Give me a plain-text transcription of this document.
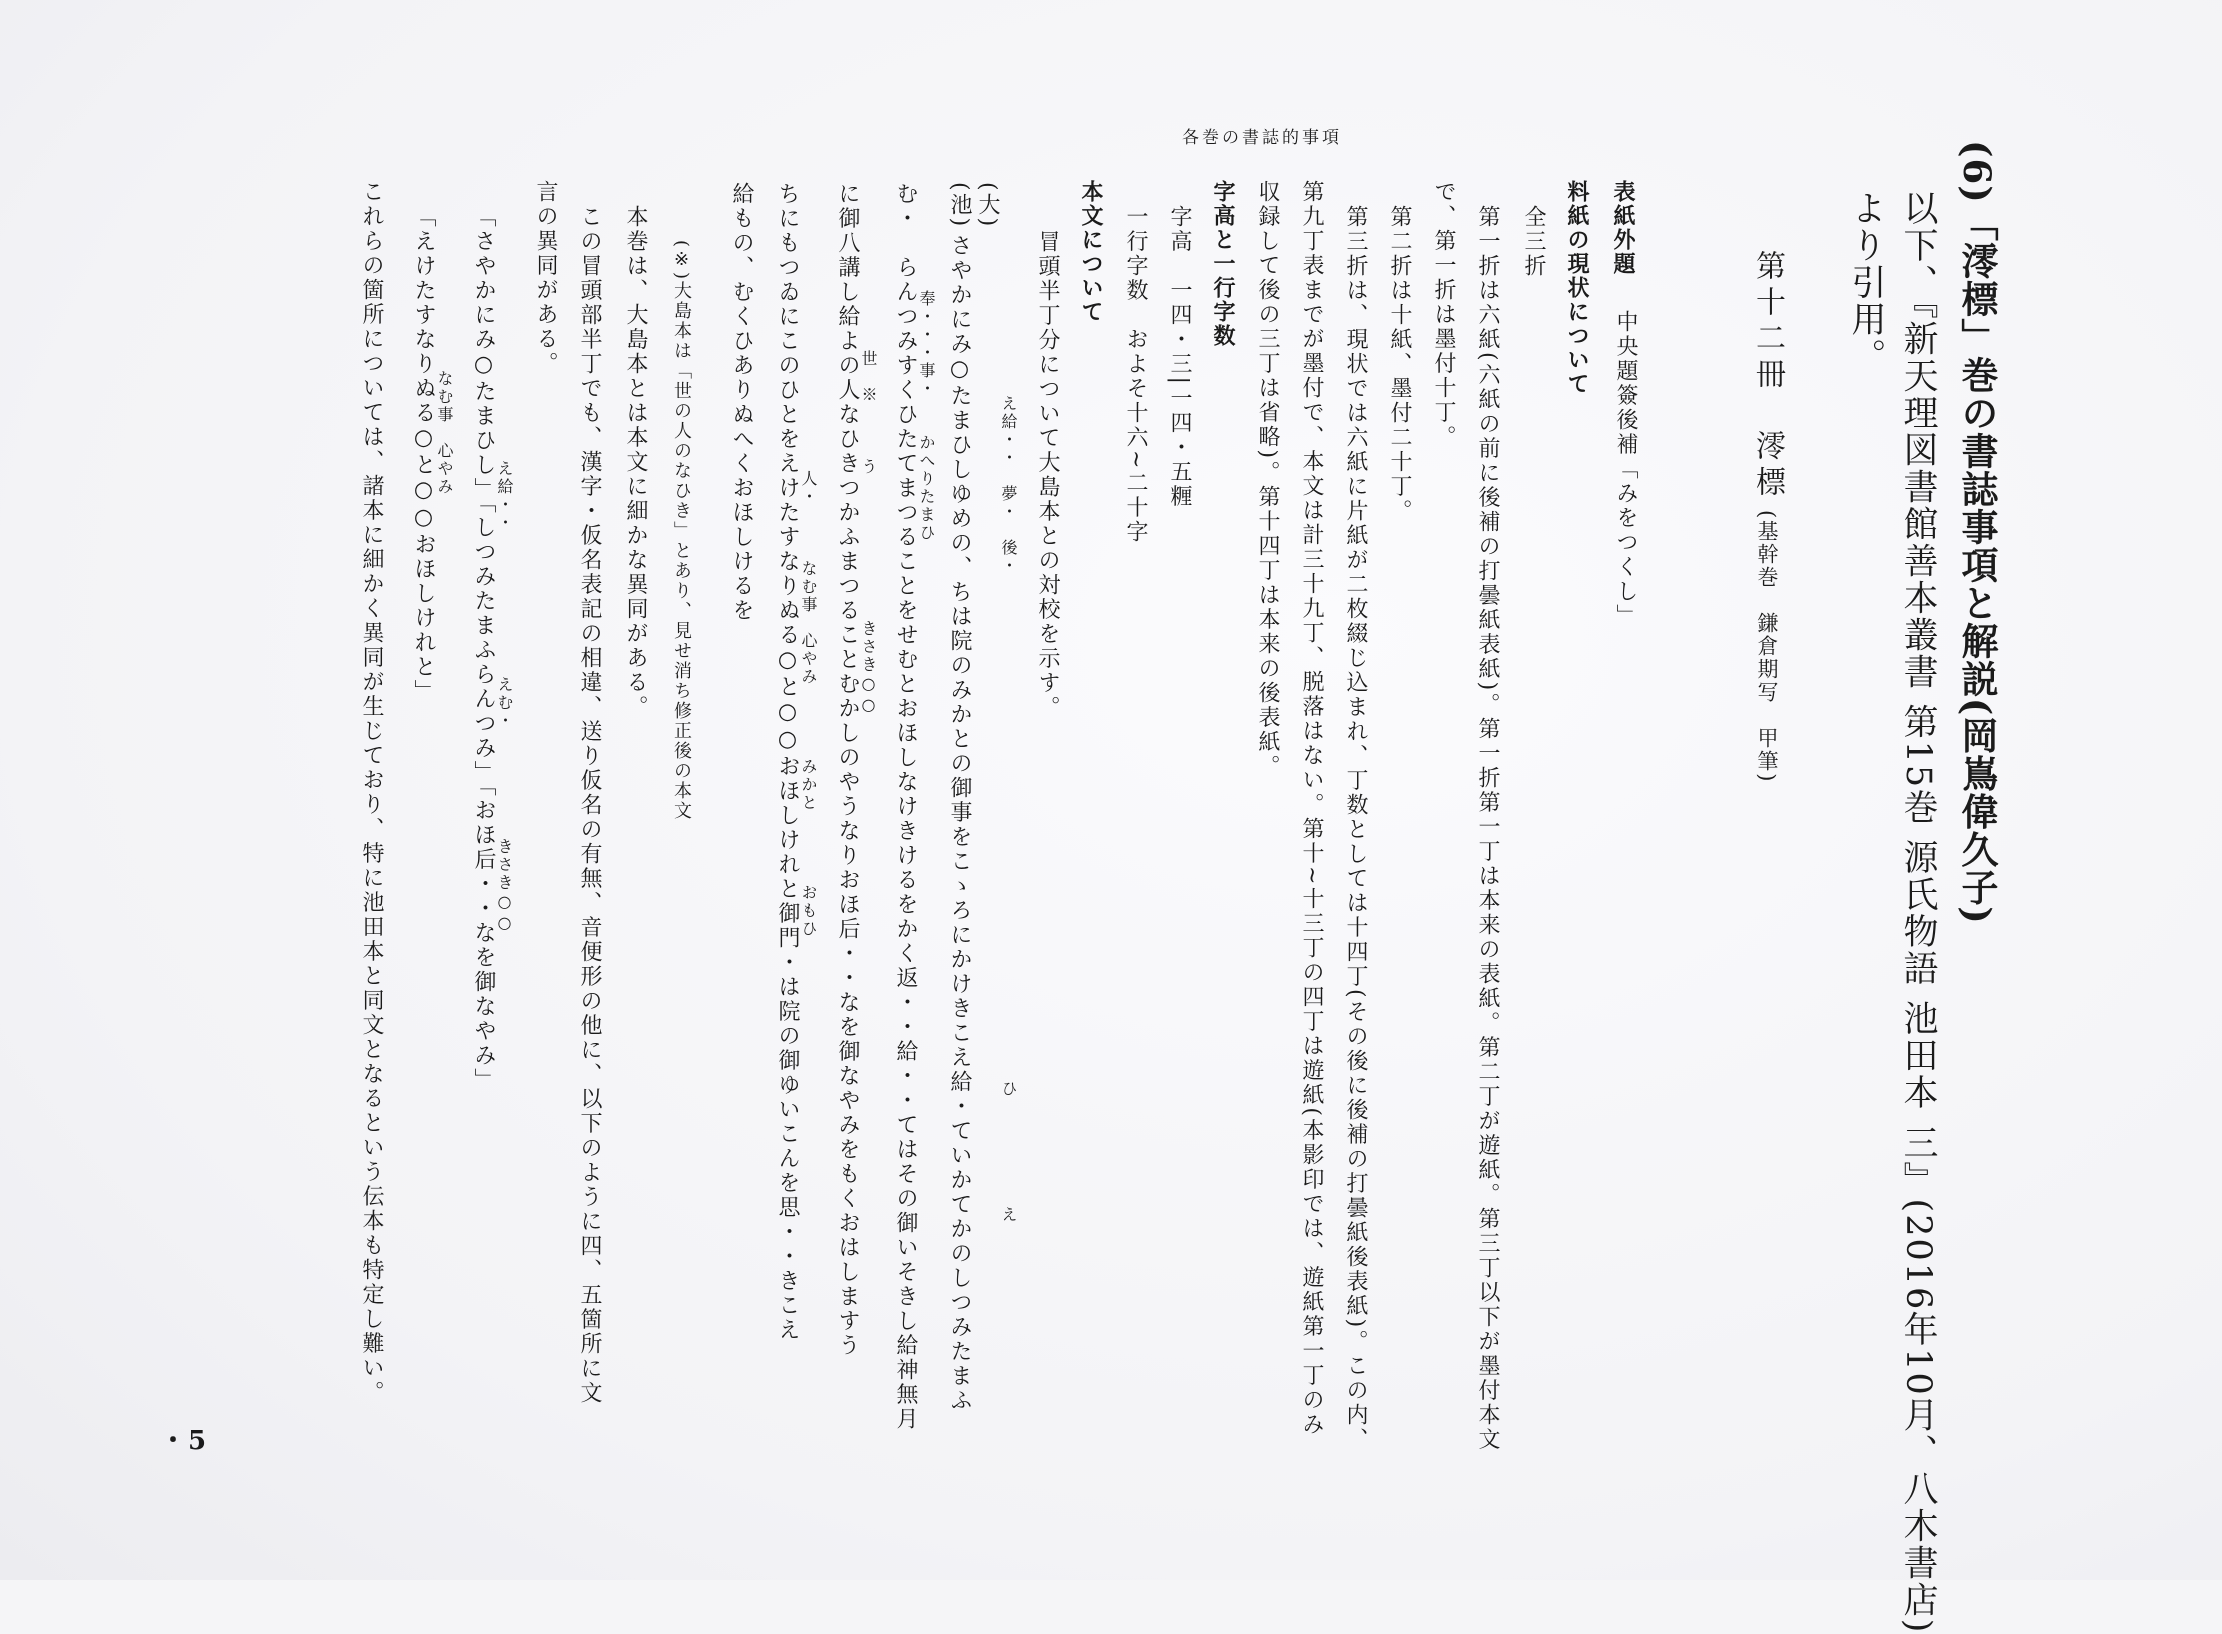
(6)「澪標」巻の書誌事項と解説(岡嶌偉久子)
以下、『新天理図書館善本叢書 第15巻 源氏物語 池田本 三』(2016年10月、八木書店)
より引用。
第十二冊　澪標
(基幹巻　鎌倉期写　甲筆)
表紙外題
中央題簽後補「みをつくし」
料紙の現状について
全三折
第一折は六紙(六紙の前に後補の打曇紙表紙)。第一折第一丁は本来の表紙。第二丁が遊紙。第三丁以下が墨付本文
で、第一折は墨付十丁。
第二折は十紙、墨付二十丁。
第三折は、現状では六紙に片紙が二枚綴じ込まれ、丁数としては十四丁(その後に後補の打曇紙後表紙)。この内、
第九丁表までが墨付で、本文は計三十九丁、脱落はない。第十~十三丁の四丁は遊紙(本影印では、遊紙第一丁のみ
収録して後の三丁は省略)。第十四丁は本来の後表紙。
各巻の書誌的事項
字高と一行字数
字高　一四・三|一四・五糎
一行字数　およそ十六~二十字
本文について
冒頭半丁分について大島本との対校を示す。
え給・・　夢・　後・
ひ　　　　　　え
(大)
(池)
さやかにみ○たまひしゆめの、ちは院のみかとの御事をこゝろにかけきこえ給・ていかてかのしつみたまふ
奉・・・事・　　かへりたまひ
む・　らんつみすくひたてまつることをせむとおほしなけきけるをかく返・・給・・てはその御いそきし給神無月
世　※　　　う　　　　　　　　きさき○○
に御八講し給よの人なひきつかふまつることむかしのやうなりおほ后・・なを御なやみをもくおはしますう
人・　　　なむ事　心やみ　　　　みかと　　　　おもひ
ちにもつゐにこのひとをえけたすなりぬる○と○○おほしけれと御門・は院の御ゆいこんを思・・きこえ
給もの、むくひありぬへくおほしけるを
(※)大島本は「世の人のなひき」とあり、見せ消ち修正後の本文
本巻は、大島本とは本文に細かな異同がある。
この冒頭部半丁でも、漢字・仮名表記の相違、送り仮名の有無、音便形の他に、以下のように四、五箇所に文
言の異同がある。
え給・・　　　　　　　　えむ・　　　　　　きさき○○
「さやかにみ○たまひし」「しつみたまふらんつみ」「おほ后・・なを御なやみ」
なむ事　心やみ
「えけたすなりぬる○と○○おほしけれと」
これらの箇所については、諸本に細かく異同が生じており、特に池田本と同文となるという伝本も特定し難い。
・5
